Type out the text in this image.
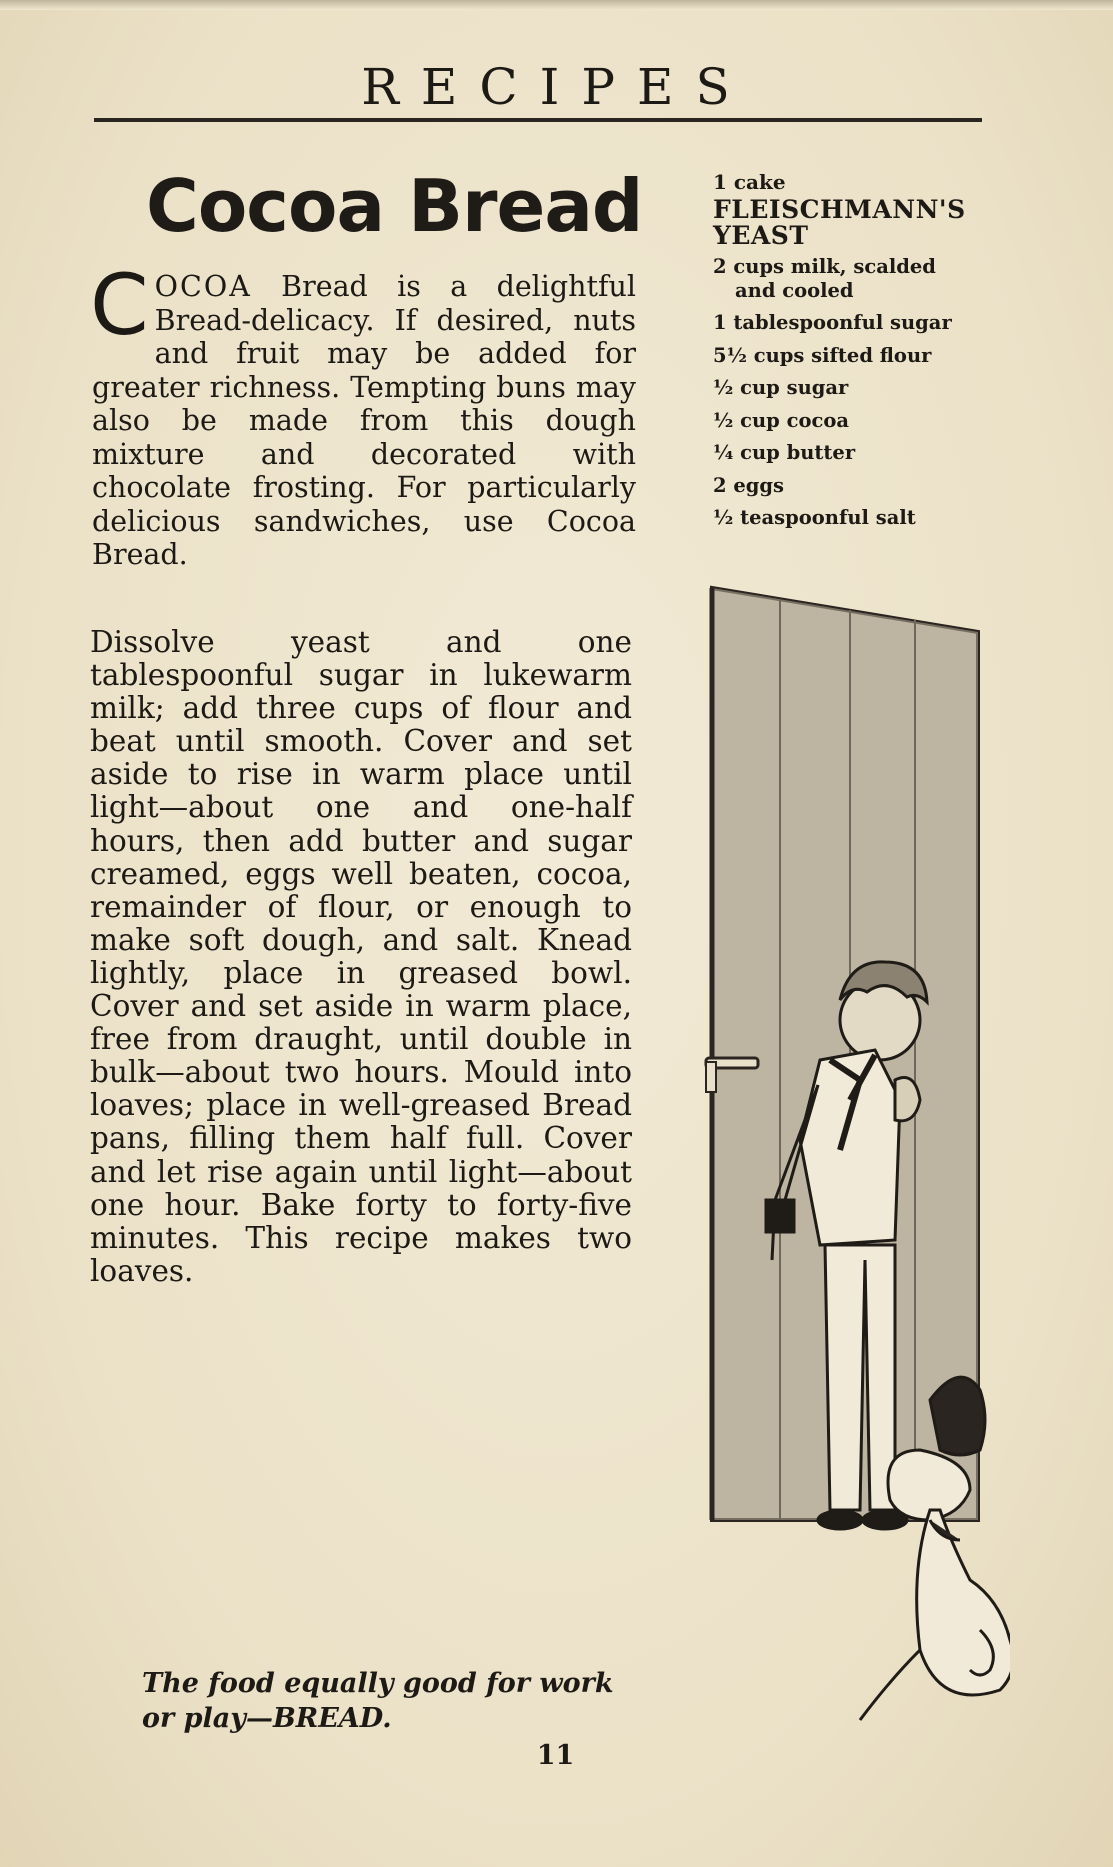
RECIPES
Cocoa Bread
COCOA Bread is a delightful Bread-delicacy. If desired, nuts and fruit may be added for greater richness. Tempting buns may also be made from this dough mixture and decorated with chocolate frosting. For particularly delicious sandwiches, use Cocoa Bread.
Dissolve yeast and one tablespoonful sugar in lukewarm milk; add three cups of flour and beat until smooth. Cover and set aside to rise in warm place until light—about one and one-half hours, then add butter and sugar creamed, eggs well beaten, cocoa, remainder of flour, or enough to make soft dough, and salt. Knead lightly, place in greased bowl. Cover and set aside in warm place, free from draught, until double in bulk—about two hours. Mould into loaves; place in well-greased Bread pans, filling them half full. Cover and let rise again until light—about one hour. Bake forty to forty-five minutes. This recipe makes two loaves.
1 cake
FLEISCHMANN'S YEAST
2 cups milk, scalded
and cooled
1 tablespoonful sugar
5½ cups sifted flour
½ cup sugar
½ cup cocoa
¼ cup butter
2 eggs
½ teaspoonful salt
The food equally good for work
or play—BREAD.
11
